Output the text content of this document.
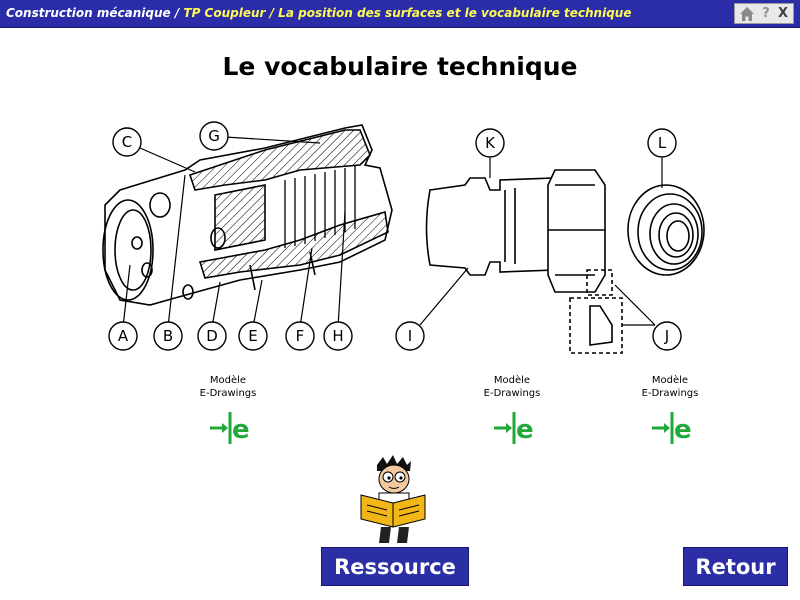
Construction mécanique / TP Coupleur / La position des surfaces et le vocabulaire technique	? X
Le vocabulaire technique
A B
C
D E	F
G
H	I	J
K	L
Modèle
E-Drawings
e
Modèle
E-Drawings
e
Modèle
E-Drawings
e
Ressource	Retour
